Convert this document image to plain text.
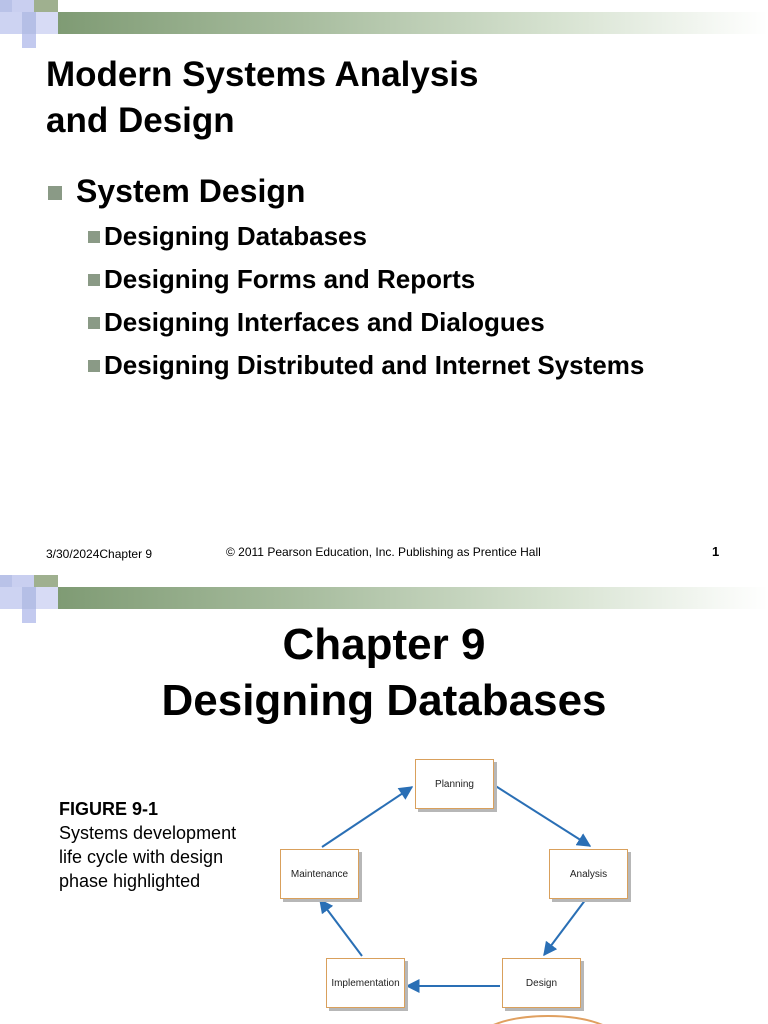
Modern Systems Analysis
and Design
System Design
Designing Databases
Designing Forms and Reports
Designing Interfaces and Dialogues
Designing Distributed and Internet Systems
3/30/2024Chapter 9	© 2011 Pearson Education, Inc. Publishing as Prentice Hall	1
Chapter 9
Designing Databases
FIGURE 9-1
Systems development life cycle with design phase highlighted
Planning
Analysis
Design
Implementation
Maintenance
